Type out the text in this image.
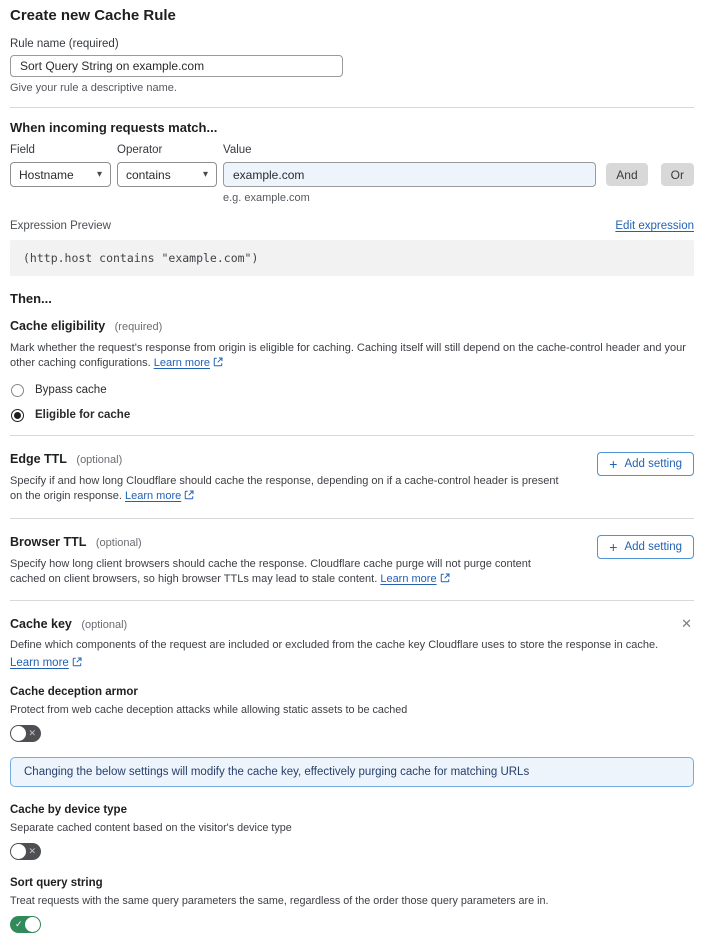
Create new Cache Rule
Rule name (required)
Sort Query String on example.com
Give your rule a descriptive name.
When incoming requests match...
Field
Hostname ▾
Operator
contains	▾
Value
example.com
e.g. example.com
And	Or
Expression Preview	Edit expression
(http.host contains "example.com")
Then...
Cache eligibility (required)

Mark whether the request's response from origin is eligible for caching. Caching itself will still depend on the cache-control header and your other caching configurations. Learn more

Bypass cache
Eligible for cache
Edge TTL (optional)

Specify if and how long Cloudflare should cache the response, depending on if a cache-control header is present on the origin response. Learn more

+ Add setting
Browser TTL (optional)

Specify how long client browsers should cache the response. Cloudflare cache purge will not purge content cached on client browsers, so high browser TTLs may lead to stale content. Learn more

+ Add setting
Cache key (optional)	✕

Define which components of the request are included or excluded from the cache key Cloudflare uses to store the response in cache.

Learn more
Cache deception armor
Protect from web cache deception attacks while allowing static assets to be cached
✕
Changing the below settings will modify the cache key, effectively purging cache for matching URLs
Cache by device type
Separate cached content based on the visitor's device type
✕
Sort query string
Treat requests with the same query parameters the same, regardless of the order those query parameters are in.
✓
